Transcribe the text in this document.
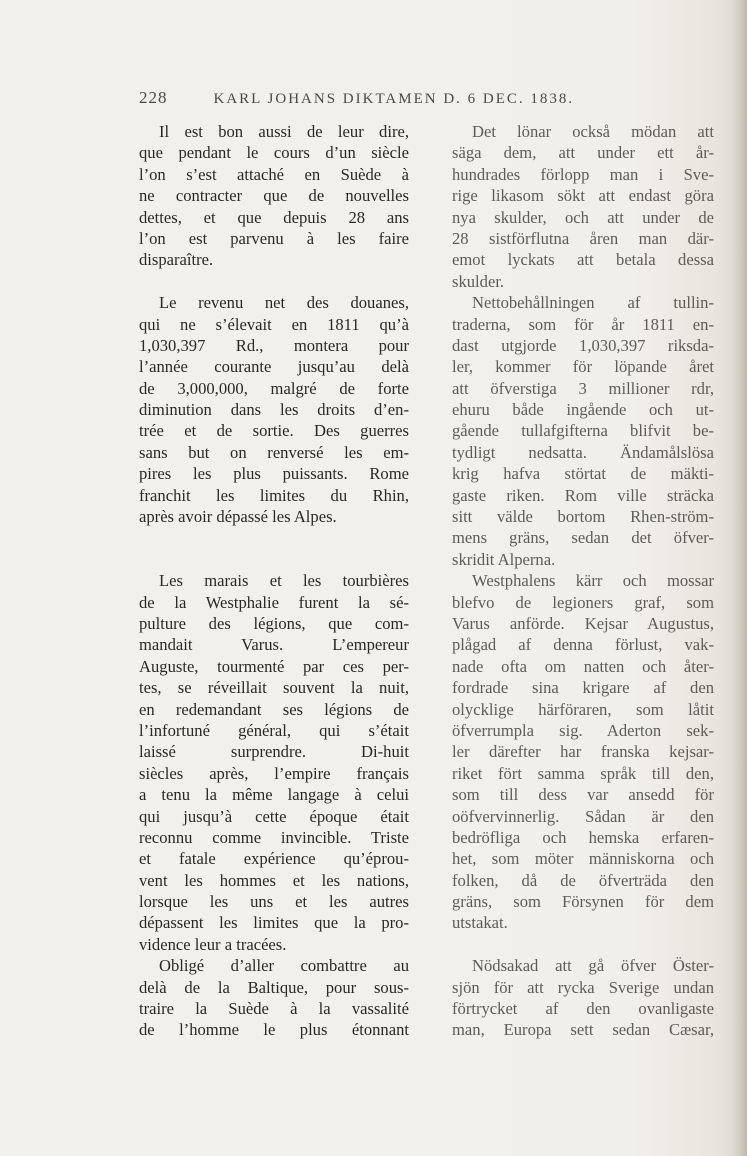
228	KARL JOHANS DIKTAMEN D. 6 DEC. 1838.
Il est bon aussi de leur dire,
que pendant le cours d’un siècle
l’on s’est attaché en Suède à
ne contracter que de nouvelles
dettes, et que depuis 28 ans
l’on est parvenu à les faire
disparaître.
Le revenu net des douanes,
qui ne s’élevait en 1811 qu’à
1,030,397 Rd., montera pour
l’année courante jusqu’au delà
de 3,000,000, malgré de forte
diminution dans les droits d’en-
trée et de sortie. Des guerres
sans but on renversé les em-
pires les plus puissants. Rome
franchit les limites du Rhin,
après avoir dépassé les Alpes.
Les marais et les tourbières
de la Westphalie furent la sé-
pulture des légions, que com-
mandait Varus. L’empereur
Auguste, tourmenté par ces per-
tes, se réveillait souvent la nuit,
en redemandant ses légions de
l’infortuné général, qui s’était
laissé surprendre. Di-huit
siècles après, l’empire français
a tenu la même langage à celui
qui jusqu’à cette époque était
reconnu comme invincible. Triste
et fatale expérience qu’éprou-
vent les hommes et les nations,
lorsque les uns et les autres
dépassent les limites que la pro-
vidence leur a tracées.
Obligé d’aller combattre au
delà de la Baltique, pour sous-
traire la Suède à la vassalité
de l’homme le plus étonnant
Det lönar också mödan att
säga dem, att under ett år-
hundrades förlopp man i Sve-
rige likasom sökt att endast göra
nya skulder, och att under de
28 sistförflutna åren man där-
emot lyckats att betala dessa
skulder.
Nettobehållningen af tullin-
traderna, som för år 1811 en-
dast utgjorde 1,030,397 riksda-
ler, kommer för löpande året
att öfverstiga 3 millioner rdr,
ehuru både ingående och ut-
gående tullafgifterna blifvit be-
tydligt nedsatta. Ändamålslösa
krig hafva störtat de mäkti-
gaste riken. Rom ville sträcka
sitt välde bortom Rhen-ström-
mens gräns, sedan det öfver-
skridit Alperna.
Westphalens kärr och mossar
blefvo de legioners graf, som
Varus anförde. Kejsar Augustus,
plågad af denna förlust, vak-
nade ofta om natten och åter-
fordrade sina krigare af den
olycklige härföraren, som låtit
öfverrumpla sig. Aderton sek-
ler därefter har franska kejsar-
riket fört samma språk till den,
som till dess var ansedd för
oöfvervinnerlig. Sådan är den
bedröfliga och hemska erfaren-
het, som möter människorna och
folken, då de öfverträda den
gräns, som Försynen för dem
utstakat.
Nödsakad att gå öfver Öster-
sjön för att rycka Sverige undan
förtrycket af den ovanligaste
man, Europa sett sedan Cæsar,
